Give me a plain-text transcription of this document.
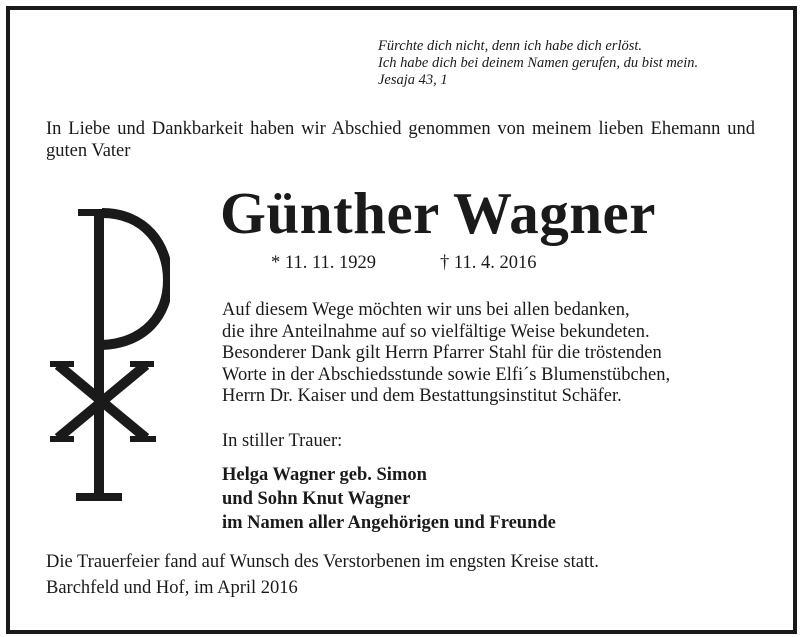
Fürchte dich nicht, denn ich habe dich erlöst.
Ich habe dich bei deinem Namen gerufen, du bist mein.
Jesaja 43, 1
In Liebe und Dankbarkeit haben wir Abschied genommen von meinem lieben Ehemann und guten Vater
Günther Wagner
* 11. 11. 1929	† 11. 4. 2016
Auf diesem Wege möchten wir uns bei allen bedanken,
die ihre Anteilnahme auf so vielfältige Weise bekundeten.
Besonderer Dank gilt Herrn Pfarrer Stahl für die tröstenden
Worte in der Abschiedsstunde sowie Elfi´s Blumenstübchen,
Herrn Dr. Kaiser und dem Bestattungsinstitut Schäfer.
In stiller Trauer:
Helga Wagner geb. Simon
und Sohn Knut Wagner
im Namen aller Angehörigen und Freunde
Die Trauerfeier fand auf Wunsch des Verstorbenen im engsten Kreise statt.
Barchfeld und Hof, im April 2016
